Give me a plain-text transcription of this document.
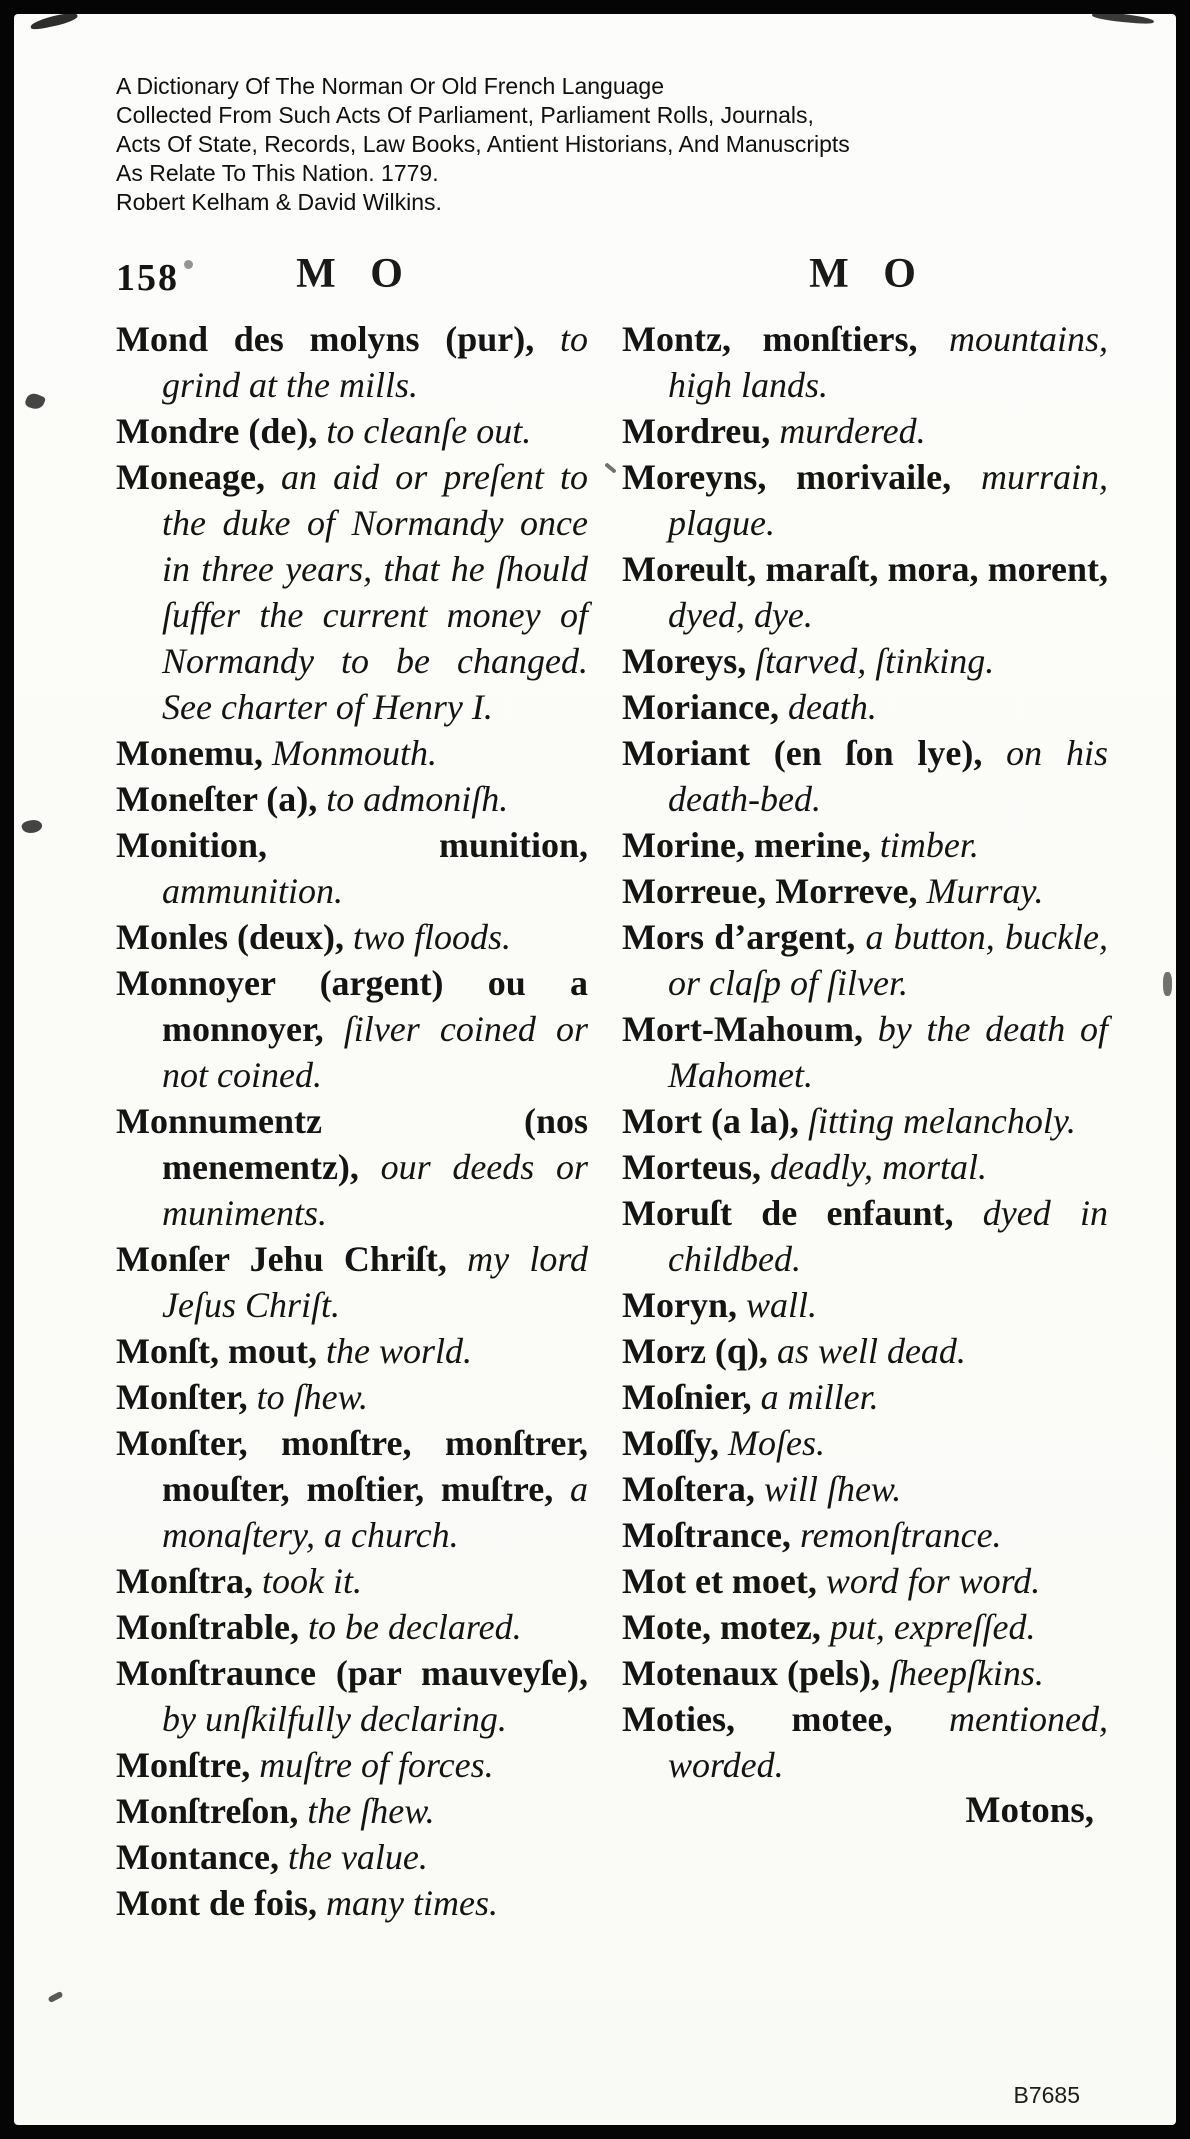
A Dictionary Of The Norman Or Old French Language
Collected From Such Acts Of Parliament, Parliament Rolls, Journals,
Acts Of State, Records, Law Books, Antient Historians, And Manuscripts
As Relate To This Nation. 1779.
Robert Kelham & David Wilkins.
158	M O	M O

Mond des molyns (pur), to grind at the mills.

Mondre (de), to cleanſe out.

Moneage, an aid or preſent to the duke of Normandy once in three years, that he ſhould ſuffer the current money of Normandy to be changed. See charter of Henry I.

Monemu, Monmouth.

Moneſter (a), to admoniſh.

Monition, munition, ammunition.

Monles (deux), two floods.

Monnoyer (argent) ou a monnoyer, ſilver coined or not coined.

Monnumentz (nos menementz), our deeds or muniments.

Monſer Jehu Chriſt, my lord Jeſus Chriſt.

Monſt, mout, the world.

Monſter, to ſhew.

Monſter, monſtre, monſtrer, mouſter, moſtier, muſtre, a monaſtery, a church.

Monſtra, took it.

Monſtrable, to be declared.

Monſtraunce (par mauveyſe), by unſkilfully declaring.

Monſtre, muſtre of forces.

Monſtreſon, the ſhew.

Montance, the value.

Mont de fois, many times.

Montz, monſtiers, mountains, high lands.

Mordreu, murdered.

Moreyns, morivaile, murrain, plague.

Moreult, maraſt, mora, morent, dyed, dye.

Moreys, ſtarved, ſtinking.

Moriance, death.

Moriant (en ſon lye), on his death-bed.

Morine, merine, timber.

Morreue, Morreve, Murray.

Mors d’argent, a button, buckle, or claſp of ſilver.

Mort-Mahoum, by the death of Mahomet.

Mort (a la), ſitting melancholy.

Morteus, deadly, mortal.

Moruſt de enfaunt, dyed in childbed.

Moryn, wall.

Morz (q), as well dead.

Moſnier, a miller.

Moſſy, Moſes.

Moſtera, will ſhew.

Moſtrance, remonſtrance.

Mot et moet, word for word.

Mote, motez, put, expreſſed.

Motenaux (pels), ſheepſkins.

Moties, motee, mentioned, worded.

Motons,

B7685
